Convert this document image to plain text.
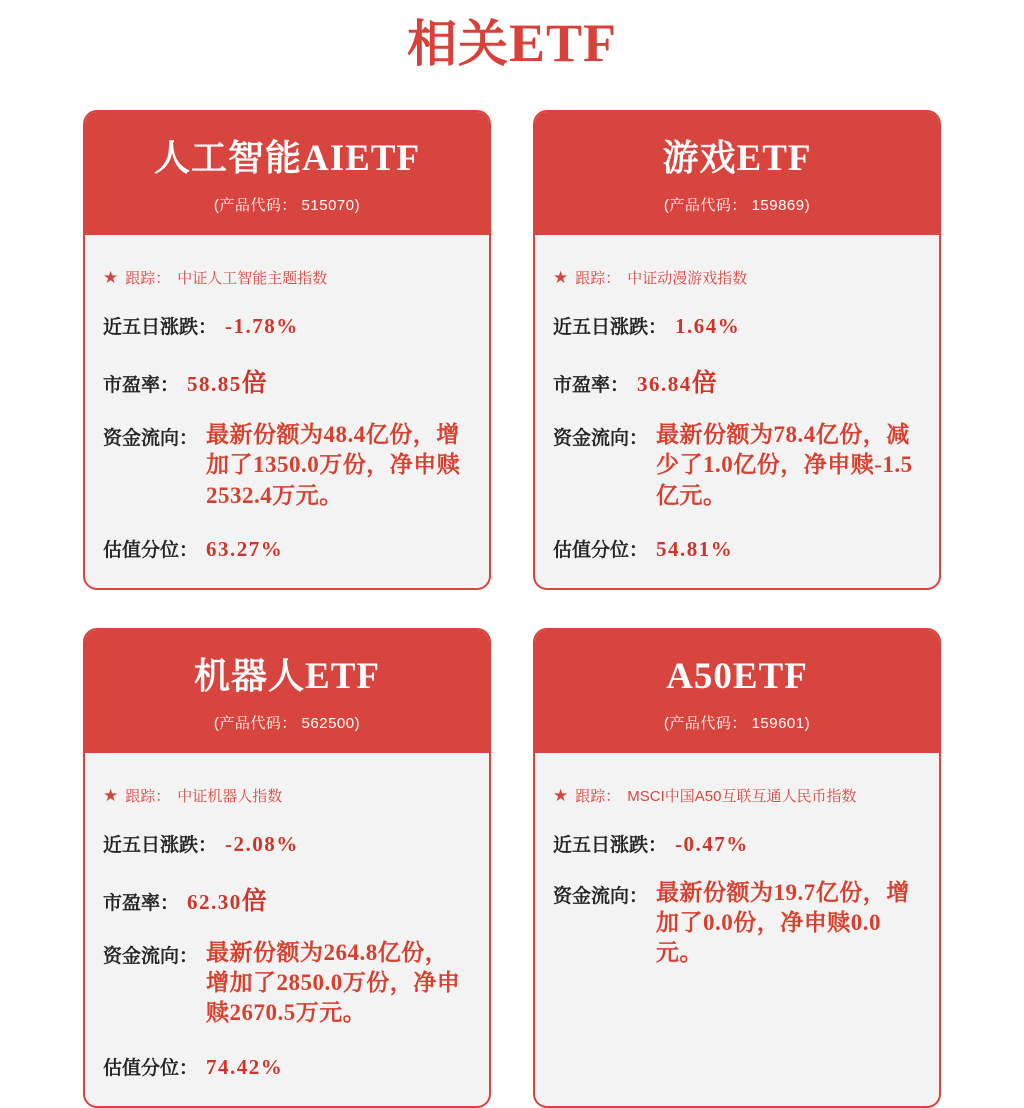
相关ETF
人工智能AIETF
(产品代码： 515070)
★ 跟踪： 中证人工智能主题指数
近五日涨跌： -1.78%
市盈率： 58.85 倍
资金流向： 最新份额为48.4亿份，增加了1350.0万份，净申赎2532.4万元。
估值分位： 63.27%
游戏ETF
(产品代码： 159869)
★ 跟踪： 中证动漫游戏指数
近五日涨跌： 1.64%
市盈率： 36.84 倍
资金流向： 最新份额为78.4亿份，减少了1.0亿份，净申赎-1.5亿元。
估值分位： 54.81%
机器人ETF
(产品代码： 562500)
★ 跟踪： 中证机器人指数
近五日涨跌： -2.08%
市盈率： 62.30 倍
资金流向： 最新份额为264.8亿份，增加了2850.0万份，净申赎2670.5万元。
估值分位： 74.42%
A50ETF
(产品代码： 159601)
★ 跟踪： MSCI中国A50互联互通人民币指数
近五日涨跌： -0.47%
资金流向： 最新份额为19.7亿份，增加了0.0份，净申赎0.0元。
